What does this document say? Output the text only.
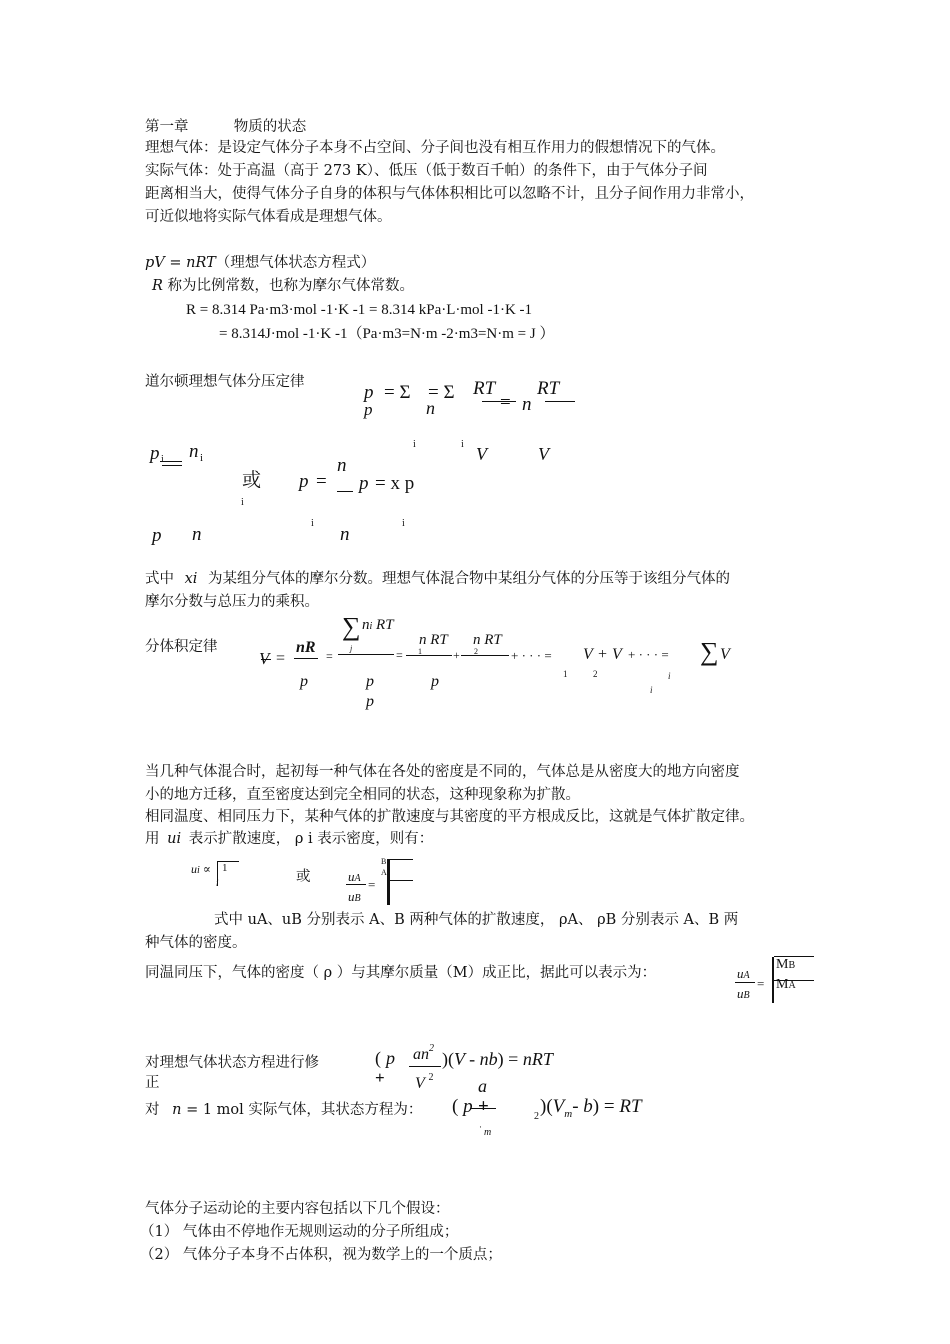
第一章	物质的状态
理想气体：是设定气体分子本身不占空间、分子间也没有相互作用力的假想情况下的气体。
实际气体：处于高温（高于 273 K）、低压（低于数百千帕）的条件下，由于气体分子间
距离相当大，使得气体分子自身的体积与气体体积相比可以忽略不计，且分子间作用力非常小，
可近似地将实际气体看成是理想气体。
pV = nRT（理想气体状态方程式）
R 称为比例常数，也称为摩尔气体常数。
R = 8.314 Pa·m3·mol -1·K -1 = 8.314 kPa·L·mol -1·K -1
= 8.314J·mol -1·K -1（Pa·m3=N·m -2·m3=N·m = J ）
道尔顿理想气体分压定律	p = Σ
p
= Σ
n
RT
= n
RT
i	i V	V
p i n i
p n
或
i
p =
n
p = x p
i	i
n
式中 xi 为某组分气体的摩尔分数。理想气体混合物中某组分气体的分压等于该组分气体的
摩尔分数与总压力的乘积。
分体积定律
∑ ni RT
j
V =
nR =	=
n RT
1	+
n RT
2	+ · · · = V + V + · · · = ∑ V
1	2	i
i
p	p	p
p
当几种气体混合时，起初每一种气体在各处的密度是不同的，气体总是从密度大的地方向密度
小的地方迁移，直至密度达到完全相同的状态，这种现象称为扩散。
相同温度、相同压力下，某种气体的扩散速度与其密度的平方根成反比，这就是气体扩散定律。
用 ui 表示扩散速度， ρ i 表示密度，则有：
ui ∝ 1
i	或	uA
uB
=
B
A
式中 uA、uB 分别表示 A、B 两种气体的扩散速度， ρA、 ρB 分别表示 A、B 两
种气体的密度。
同温同压下，气体的密度（ ρ ）与其摩尔质量（M）成正比，据此可以表示为：	uA
uB
=
MB
MA
对理想气体状态方程进行修
正
( p
+
$an^2$
V $^2$
)(V - nb) = nRT
对 n = 1 mol 实际气体，其状态方程为：
a
( p +
· m
2 )($V_m-$ b) = RT
气体分子运动论的主要内容包括以下几个假设：
（1） 气体由不停地作无规则运动的分子所组成；
（2） 气体分子本身不占体积，视为数学上的一个质点；
